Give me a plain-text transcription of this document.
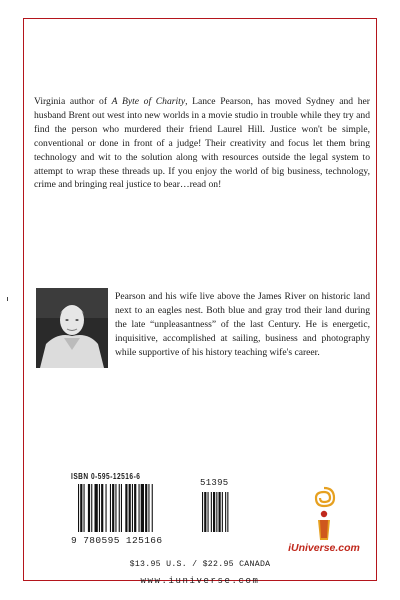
Virginia author of A Byte of Charity, Lance Pearson, has moved Sydney and her husband Brent out west into new worlds in a movie studio in trouble while they try and find the person who murdered their friend Laurel Hill. Justice won't be simple, conventional or done in front of a judge! Their creativity and focus let them bring technology and wit to the solution along with resources outside the legal system to attempt to wrap these threads up. If you enjoy the world of big business, technology, crime and bringing real justice to bear…read on!

Pearson and his wife live above the James River on historic land next to an eagles nest. Both blue and gray trod their land during the late “unpleasantness” of the last Century. He is energetic, inquisitive, accomplished at sailing, business and photography while supportive of his history teaching wife's career.

ISBN 0-595-12516-6
9 780595 125166
51395
iUniverse.com
$13.95 U.S. / $22.95 CANADA
www.iuniverse.com
